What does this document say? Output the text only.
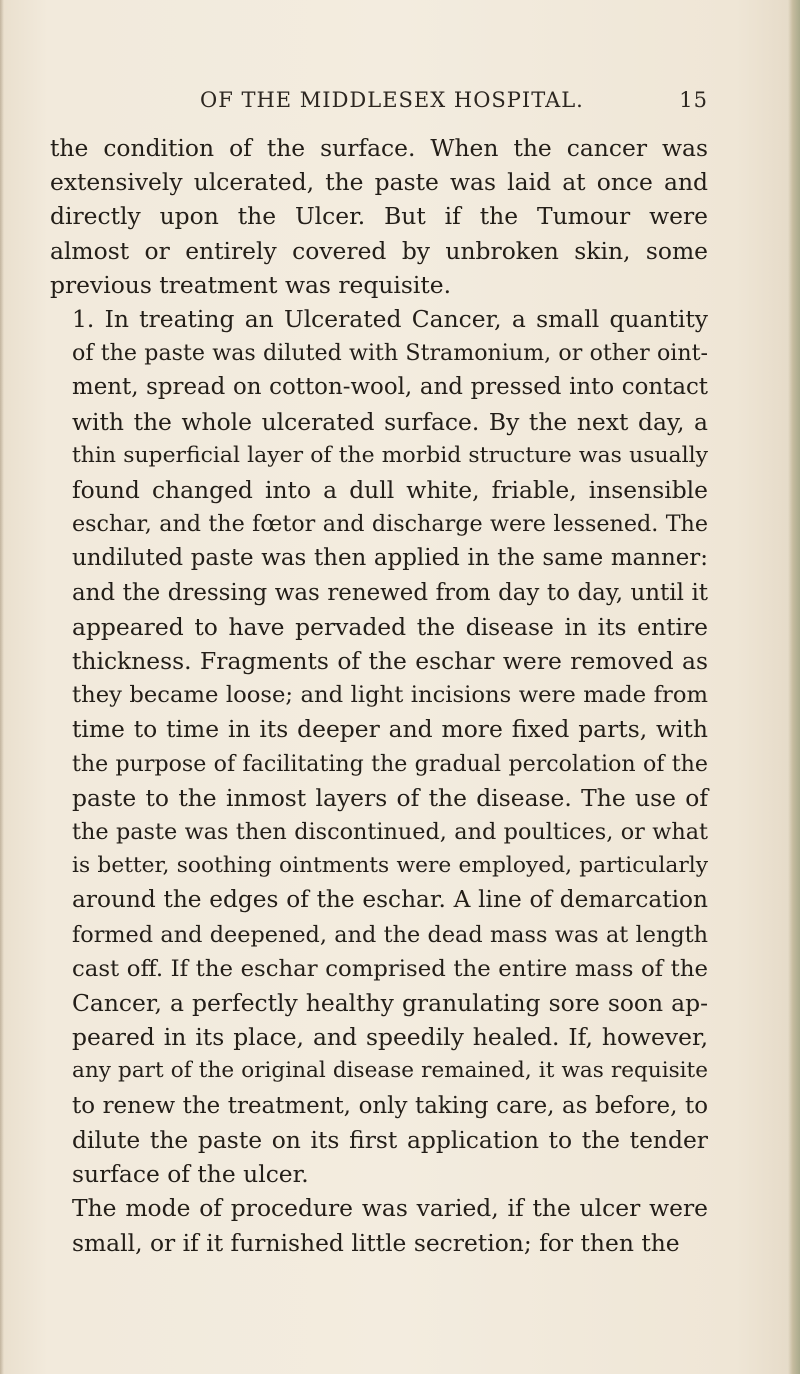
OF THE MIDDLESEX HOSPITAL.	15

the condition of the surface. When the cancer was
extensively ulcerated, the paste was laid at once and
directly upon the Ulcer. But if the Tumour were
almost or entirely covered by unbroken skin, some
previous treatment was requisite.

1. In treating an Ulcerated Cancer, a small quantity
of the paste was diluted with Stramonium, or other oint-
ment, spread on cotton-wool, and pressed into contact
with the whole ulcerated surface. By the next day, a
thin superficial layer of the morbid structure was usually
found changed into a dull white, friable, insensible
eschar, and the fœtor and discharge were lessened. The
undiluted paste was then applied in the same manner:
and the dressing was renewed from day to day, until it
appeared to have pervaded the disease in its entire
thickness. Fragments of the eschar were removed as
they became loose; and light incisions were made from
time to time in its deeper and more fixed parts, with
the purpose of facilitating the gradual percolation of the
paste to the inmost layers of the disease. The use of
the paste was then discontinued, and poultices, or what
is better, soothing ointments were employed, particularly
around the edges of the eschar. A line of demarcation
formed and deepened, and the dead mass was at length
cast off. If the eschar comprised the entire mass of the
Cancer, a perfectly healthy granulating sore soon ap-
peared in its place, and speedily healed. If, however,
any part of the original disease remained, it was requisite
to renew the treatment, only taking care, as before, to
dilute the paste on its first application to the tender
surface of the ulcer.

The mode of procedure was varied, if the ulcer were
small, or if it furnished little secretion; for then the
